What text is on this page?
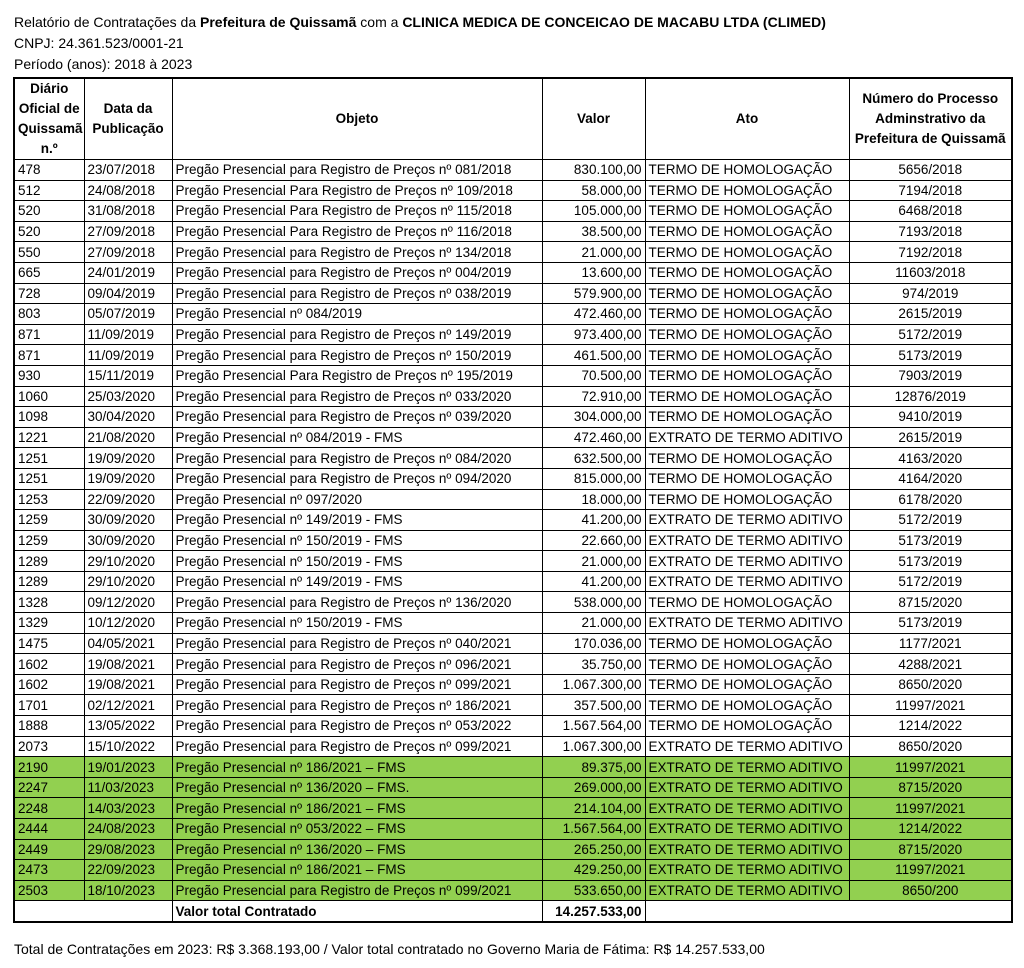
Relatório de Contratações da Prefeitura de Quissamã com a CLINICA MEDICA DE CONCEICAO DE MACABU LTDA (CLIMED)
CNPJ: 24.361.523/0001-21
Período (anos): 2018 à 2023
Diário Oficial de Quissamã n.º	Data da Publicação	Objeto	Valor	Ato	Número do Processo Adminstrativo da Prefeitura de Quissamã
478	23/07/2018	Pregão Presencial para Registro de Preços nº 081/2018	830.100,00	TERMO DE HOMOLOGAÇÃO	5656/2018
512	24/08/2018	Pregão Presencial Para Registro de Preços nº 109/2018	58.000,00	TERMO DE HOMOLOGAÇÃO	7194/2018
520	31/08/2018	Pregão Presencial Para Registro de Preços nº 115/2018	105.000,00	TERMO DE HOMOLOGAÇÃO	6468/2018
520	27/09/2018	Pregão Presencial Para Registro de Preços nº 116/2018	38.500,00	TERMO DE HOMOLOGAÇÃO	7193/2018
550	27/09/2018	Pregão Presencial para Registro de Preços nº 134/2018	21.000,00	TERMO DE HOMOLOGAÇÃO	7192/2018
665	24/01/2019	Pregão Presencial para Registro de Preços nº 004/2019	13.600,00	TERMO DE HOMOLOGAÇÃO	11603/2018
728	09/04/2019	Pregão Presencial para Registro de Preços nº 038/2019	579.900,00	TERMO DE HOMOLOGAÇÃO	974/2019
803	05/07/2019	Pregão Presencial nº 084/2019	472.460,00	TERMO DE HOMOLOGAÇÃO	2615/2019
871	11/09/2019	Pregão Presencial para Registro de Preços nº 149/2019	973.400,00	TERMO DE HOMOLOGAÇÃO	5172/2019
871	11/09/2019	Pregão Presencial para Registro de Preços nº 150/2019	461.500,00	TERMO DE HOMOLOGAÇÃO	5173/2019
930	15/11/2019	Pregão Presencial Para Registro de Preços nº 195/2019	70.500,00	TERMO DE HOMOLOGAÇÃO	7903/2019
1060	25/03/2020	Pregão Presencial para Registro de Preços nº 033/2020	72.910,00	TERMO DE HOMOLOGAÇÃO	12876/2019
1098	30/04/2020	Pregão Presencial para Registro de Preços nº 039/2020	304.000,00	TERMO DE HOMOLOGAÇÃO	9410/2019
1221	21/08/2020	Pregão Presencial nº 084/2019 - FMS	472.460,00	EXTRATO DE TERMO ADITIVO	2615/2019
1251	19/09/2020	Pregão Presencial para Registro de Preços nº 084/2020	632.500,00	TERMO DE HOMOLOGAÇÃO	4163/2020
1251	19/09/2020	Pregão Presencial para Registro de Preços nº 094/2020	815.000,00	TERMO DE HOMOLOGAÇÃO	4164/2020
1253	22/09/2020	Pregão Presencial nº 097/2020	18.000,00	TERMO DE HOMOLOGAÇÃO	6178/2020
1259	30/09/2020	Pregão Presencial nº 149/2019 - FMS	41.200,00	EXTRATO DE TERMO ADITIVO	5172/2019
1259	30/09/2020	Pregão Presencial nº 150/2019 - FMS	22.660,00	EXTRATO DE TERMO ADITIVO	5173/2019
1289	29/10/2020	Pregão Presencial nº 150/2019 - FMS	21.000,00	EXTRATO DE TERMO ADITIVO	5173/2019
1289	29/10/2020	Pregão Presencial nº 149/2019 - FMS	41.200,00	EXTRATO DE TERMO ADITIVO	5172/2019
1328	09/12/2020	Pregão Presencial para Registro de Preços nº 136/2020	538.000,00	TERMO DE HOMOLOGAÇÃO	8715/2020
1329	10/12/2020	Pregão Presencial nº 150/2019 - FMS	21.000,00	EXTRATO DE TERMO ADITIVO	5173/2019
1475	04/05/2021	Pregão Presencial para Registro de Preços nº 040/2021	170.036,00	TERMO DE HOMOLOGAÇÃO	1177/2021
1602	19/08/2021	Pregão Presencial para Registro de Preços nº 096/2021	35.750,00	TERMO DE HOMOLOGAÇÃO	4288/2021
1602	19/08/2021	Pregão Presencial para Registro de Preços nº 099/2021	1.067.300,00	TERMO DE HOMOLOGAÇÃO	8650/2020
1701	02/12/2021	Pregão Presencial para Registro de Preços nº 186/2021	357.500,00	TERMO DE HOMOLOGAÇÃO	11997/2021
1888	13/05/2022	Pregão Presencial para Registro de Preços nº 053/2022	1.567.564,00	TERMO DE HOMOLOGAÇÃO	1214/2022
2073	15/10/2022	Pregão Presencial para Registro de Preços nº 099/2021	1.067.300,00	EXTRATO DE TERMO ADITIVO	8650/2020
2190	19/01/2023	Pregão Presencial nº 186/2021 – FMS	89.375,00	EXTRATO DE TERMO ADITIVO	11997/2021
2247	11/03/2023	Pregão Presencial nº 136/2020 – FMS.	269.000,00	EXTRATO DE TERMO ADITIVO	8715/2020
2248	14/03/2023	Pregão Presencial nº 186/2021 – FMS	214.104,00	EXTRATO DE TERMO ADITIVO	11997/2021
2444	24/08/2023	Pregão Presencial nº 053/2022 – FMS	1.567.564,00	EXTRATO DE TERMO ADITIVO	1214/2022
2449	29/08/2023	Pregão Presencial nº 136/2020 – FMS	265.250,00	EXTRATO DE TERMO ADITIVO	8715/2020
2473	22/09/2023	Pregão Presencial nº 186/2021 – FMS	429.250,00	EXTRATO DE TERMO ADITIVO	11997/2021
2503	18/10/2023	Pregão Presencial para Registro de Preços nº 099/2021	533.650,00	EXTRATO DE TERMO ADITIVO	8650/200
		Valor total Contratado	14.257.533,00		
Total de Contratações em 2023: R$ 3.368.193,00 / Valor total contratado no Governo Maria de Fátima: R$ 14.257.533,00
